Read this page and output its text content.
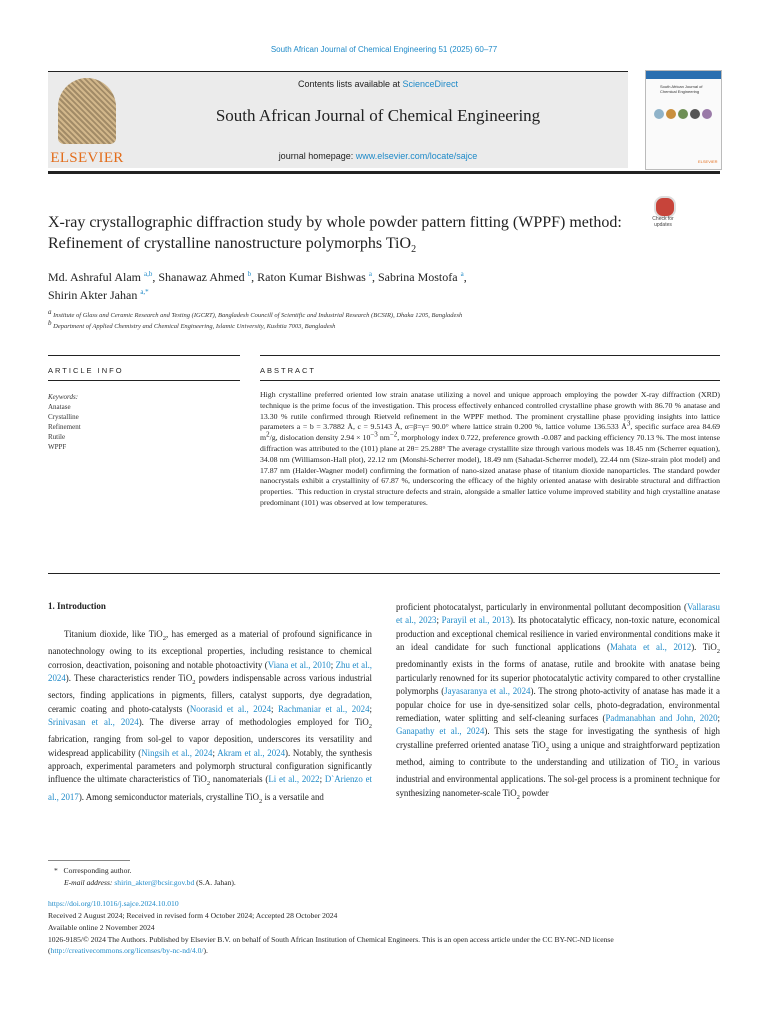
South African Journal of Chemical Engineering 51 (2025) 60–77
ELSEVIER
Contents lists available at ScienceDirect
South African Journal of Chemical Engineering
journal homepage: www.elsevier.com/locate/sajce
South African Journal of Chemical Engineering
ELSEVIER
X-ray crystallographic diffraction study by whole powder pattern fitting (WPPF) method: Refinement of crystalline nanostructure polymorphs TiO$_2$
Check for updates
Md. Ashraful Alam $^{a,b}$, Shanawaz Ahmed $^b$, Raton Kumar Bishwas $^a$, Sabrina Mostofa $^a$,
Shirin Akter Jahan $^{a,*}$
$^a$ Institute of Glass and Ceramic Research and Testing (IGCRT), Bangladesh Councill of Scientific and Industrial Research (BCSIR), Dhaka 1205, Bangladesh
$^b$ Department of Applied Chemistry and Chemical Engineering, Islamic University, Kushtia 7003, Bangladesh
ARTICLE INFO	ABSTRACT
Keywords:
Anatase
Crystalline
Refinement
Rutile
WPPF
High crystalline preferred oriented low strain anatase utilizing a novel and unique approach employing the powder X-ray diffraction (XRD) technique is the prime focus of the investigation. This process effectively enhanced controlled crystalline phase growth with 86.70 % anatase and 13.30 % rutile confirmed through Rietveld refinement in the WPPF method. The prominent crystalline phase providing insights into lattice parameters a = b = 3.7882 Å, c = 9.5143 Å, α=β=γ= 90.0° where lattice strain 0.200 %, lattice volume 136.533 $Å^3$, specific surface area 84.69 $m^2/g$, dislocation density $2.94 \times 10^{-3}$ $nm^{-2}$, morphology index 0.722, preference growth -0.087 and packing efficiency 70.13 %. The most intense diffraction was attributed to the (101) plane at 2θ= 25.288° The average crystallite size through various models was 18.45 nm (Scherrer equation), 34.08 nm (Williamson-Hall plot), 22.12 nm (Monshi-Scherrer model), 18.49 nm (Sahadat-Scherrer model), 22.44 nm (Size-strain plot model) and 17.87 nm (Halder-Wagner model) confirming the formation of nano-sized anatase phase of titanium dioxide nanoparticles. The standard powder nanocrystals exhibit a crystallinity of 67.87 %, underscoring the efficacy of the highly oriented anatase with desirable structural and diffraction properties. `This reduction in crystal structure defects and strain, alongside a smaller lattice volume improved stability and high crystalline anatase predominant (101) was observed at low temperatures.
1. Introduction

Titanium dioxide, like TiO$_2$, has emerged as a material of profound significance in nanotechnology owing to its exceptional properties, including resistance to chemical corrosion, deactivation, poisoning and notable photoactivity (Viana et al., 2010; Zhu et al., 2024). These characteristics render TiO$_2$ powders indispensable across various industrial sectors, finding applications in pigments, fillers, catalyst supports, dye degradation, ceramic coating and photo-catalysts (Noorasid et al., 2024; Rachmaniar et al., 2024; Srinivasan et al., 2024). The diverse array of methodologies employed for TiO$_2$ fabrication, ranging from sol-gel to vapor deposition, underscores its versatility and widespread applicability (Ningsih et al., 2024; Akram et al., 2024). Notably, the synthesis approach, experimental parameters and polymorph structural configuration significantly influence the ultimate characteristics of TiO$_2$ nanomaterials (Li et al., 2022; D`Arienzo et al., 2017). Among semiconductor materials, crystalline TiO$_2$ is a versatile and

proficient photocatalyst, particularly in environmental pollutant decomposition (Vallarasu et al., 2023; Parayil et al., 2013). Its photocatalytic efficacy, non-toxic nature, economical production and exceptional chemical resilience in varied environmental conditions make it an ideal candidate for such functional applications (Mahata et al., 2012). TiO$_2$ predominantly exists in the forms of anatase, rutile and brookite with anatase being particularly renowned for its superior photocatalytic activity compared to other crystalline polymorphs (Jayasaranya et al., 2024). The strong photo-activity of anatase has made it a popular choice for use in dye-sensitized solar cells, photo-degradation, environmental remediation, water splitting and self-cleaning surfaces (Padmanabhan and John, 2020; Ganapathy et al., 2024). This sets the stage for investigating the synthesis of high crystalline preferred oriented anatase TiO$_2$ using a unique and straightforward peptization method, aiming to contribute to the understanding and utilization of TiO$_2$ in various industrial and environmental applications. The sol-gel process is a prominent technique for synthesizing nanometer-scale TiO$_2$ powder

* Corresponding author.
E-mail address: shirin_akter@bcsir.gov.bd (S.A. Jahan).
https://doi.org/10.1016/j.sajce.2024.10.010
Received 2 August 2024; Received in revised form 4 October 2024; Accepted 28 October 2024
Available online 2 November 2024
1026-9185/© 2024 The Authors. Published by Elsevier B.V. on behalf of South African Institution of Chemical Engineers. This is an open access article under the CC BY-NC-ND license (http://creativecommons.org/licenses/by-nc-nd/4.0/).
